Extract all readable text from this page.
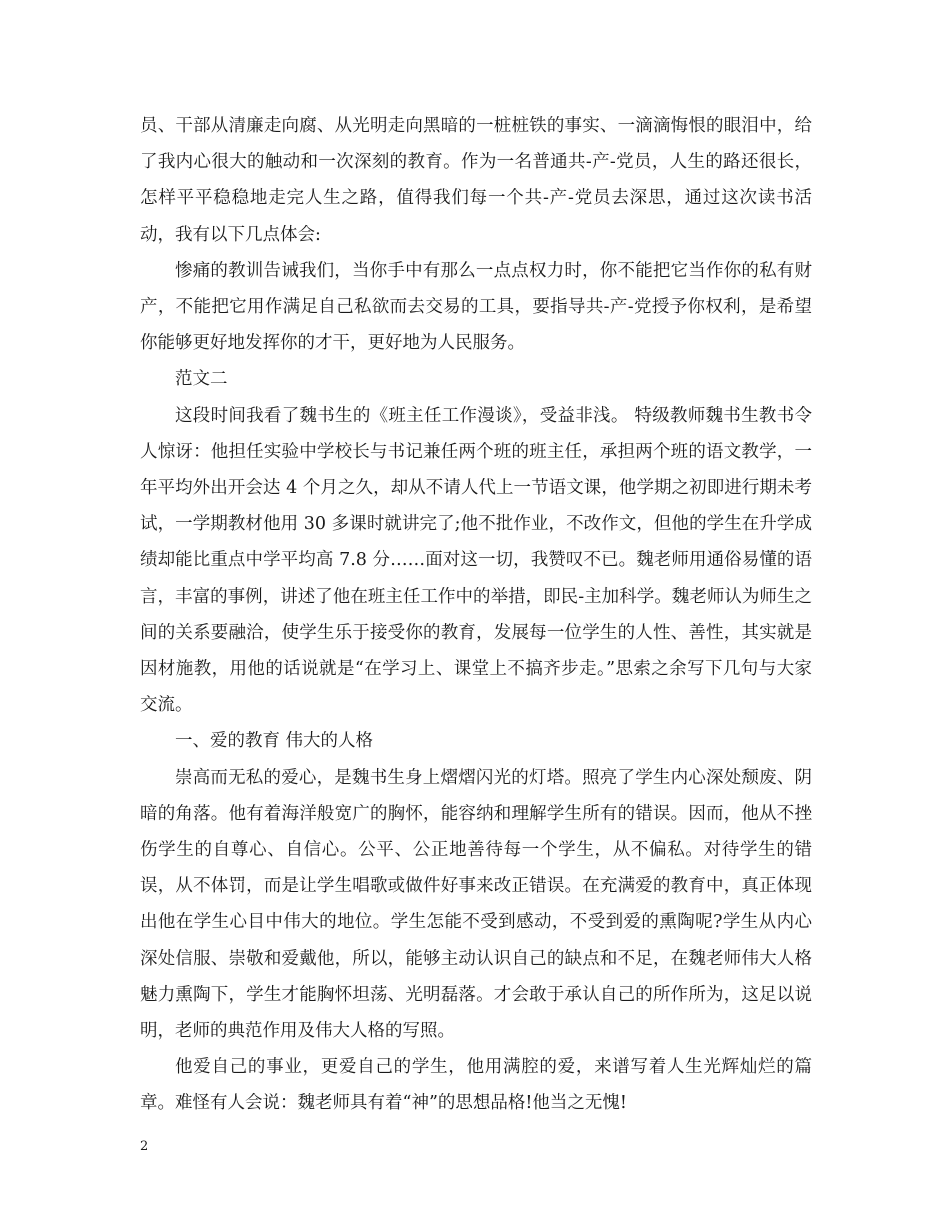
员、干部从清廉走向腐、从光明走向黑暗的一桩桩铁的事实、一滴滴悔恨的眼泪中，给了我内心很大的触动和一次深刻的教育。作为一名普通共-产-党员，人生的路还很长，怎样平平稳稳地走完人生之路，值得我们每一个共-产-党员去深思，通过这次读书活动，我有以下几点体会:

惨痛的教训告诫我们，当你手中有那么一点点权力时，你不能把它当作你的私有财产，不能把它用作满足自己私欲而去交易的工具，要指导共-产-党授予你权利，是希望你能够更好地发挥你的才干，更好地为人民服务。

范文二

这段时间我看了魏书生的《班主任工作漫谈》，受益非浅。 特级教师魏书生教书令人惊讶：他担任实验中学校长与书记兼任两个班的班主任，承担两个班的语文教学，一年平均外出开会达 4 个月之久，却从不请人代上一节语文课，他学期之初即进行期未考试，一学期教材他用 30 多课时就讲完了;他不批作业，不改作文，但他的学生在升学成绩却能比重点中学平均高 7.8 分……面对这一切，我赞叹不已。魏老师用通俗易懂的语言，丰富的事例，讲述了他在班主任工作中的举措，即民-主加科学。魏老师认为师生之间的关系要融洽，使学生乐于接受你的教育，发展每一位学生的人性、善性，其实就是因材施教，用他的话说就是“在学习上、课堂上不搞齐步走。”思索之余写下几句与大家交流。

一、爱的教育 伟大的人格

崇高而无私的爱心，是魏书生身上熠熠闪光的灯塔。照亮了学生内心深处颓废、阴暗的角落。他有着海洋般宽广的胸怀，能容纳和理解学生所有的错误。因而，他从不挫伤学生的自尊心、自信心。公平、公正地善待每一个学生，从不偏私。对待学生的错误，从不体罚，而是让学生唱歌或做件好事来改正错误。在充满爱的教育中，真正体现出他在学生心目中伟大的地位。学生怎能不受到感动，不受到爱的熏陶呢?学生从内心深处信服、崇敬和爱戴他，所以，能够主动认识自己的缺点和不足，在魏老师伟大人格魅力熏陶下，学生才能胸怀坦荡、光明磊落。才会敢于承认自己的所作所为，这足以说明，老师的典范作用及伟大人格的写照。

他爱自己的事业，更爱自己的学生，他用满腔的爱，来谱写着人生光辉灿烂的篇章。难怪有人会说：魏老师具有着“神”的思想品格!他当之无愧!

2
